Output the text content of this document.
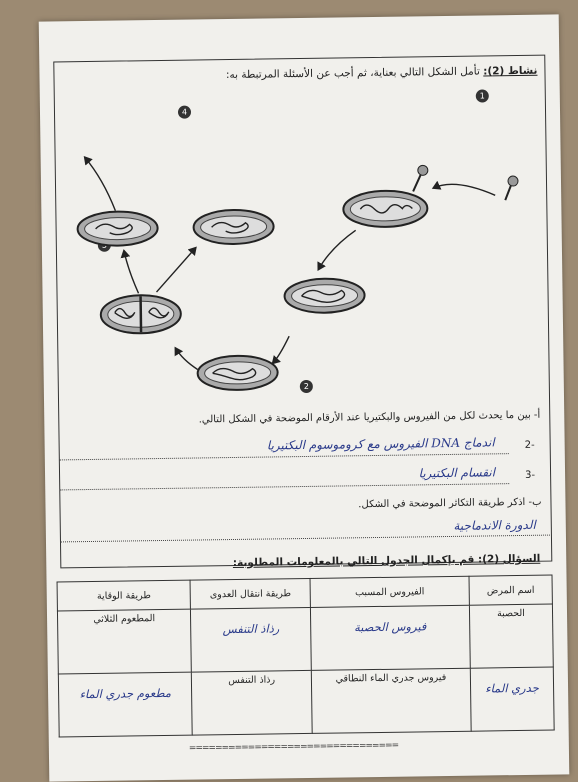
نشاط (2): تأمل الشكل التالي بعناية، ثم أجب عن الأسئلة المرتبطة به:
1
4
2
أ- بين ما يحدث لكل من الفيروس والبكتيريا عند الأرقام الموضحة في الشكل التالي.
2-
اندماج DNA الفيروس مع كروموسوم البكتيريا
3-
انقسام البكتيريا
ب- اذكر طريقة التكاثر الموضحة في الشكل.
الدورة الاندماجية
السؤال (2): قم بإكمال الجدول التالي بالمعلومات المطلوبة:
اسم المرض	الفيروس المسبب	طريقة انتقال العدوى	طريقة الوقاية

الحصبة	فيروس الحصبة	رذاذ التنفس	المطعوم الثلاثي

جدري الماء	فيروس جدري الماء النطاقي	رذاذ التنفس	مطعوم جدري الماء
================================
